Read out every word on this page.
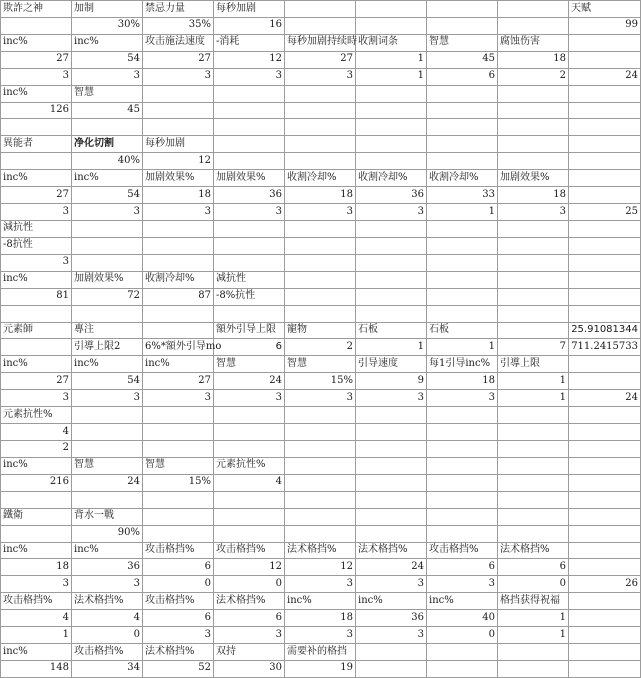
欺詐之神	加制	禁忌力量	每秒加剧					天赋
	30%	35%	16					99
inc%	inc%	攻击施法速度	-消耗	每秒加剧持续時	收割词条	智慧	腐蚀伤害	
27	54	27	12	27	1	45	18	
3	3	3	3	3	1	6	2	24
inc%	智慧							
126	45							

異能者	净化切割	每秒加剧						
	40%	12						
inc%	inc%	加剧效果%	加剧效果%	收割冷却%	收割冷却%	收割冷却%	加剧效果%	
27	54	18	36	18	36	33	18	
3	3	3	3	3	3	1	3	25
減抗性								
-8抗性								
3								
inc%	加剧效果%	收割冷却%	减抗性					
81	72	87	-8%抗性					

元素師	專注		額外引导上限	寵物	石板	石板		25.91081344
	引導上限2	6%*額外引导mo	6	2	1	1	7	711.2415733
inc%	inc%	inc%	智慧	智慧	引导速度	每1引导inc%	引導上限	
27	54	27	24	15%	9	18	1	
3	3	3	3	3	3	3	1	24
元素抗性%								
4								
2								
inc%	智慧	智慧	元素抗性%					
216	24	15%	4					

鐵衛	背水一戰							
	90%							
inc%	inc%	攻击格挡%	攻击格挡%	法术格挡%	法术格挡%	攻击格挡%	法术格挡%	
18	36	6	12	12	24	6	6	
3	3	0	0	3	3	3	0	26
攻击格挡%	法术格挡%	攻击格挡%	法术格挡%	inc%	inc%	inc%	格挡获得祝福	
4	4	6	6	18	36	40	1	
1	0	3	3	3	3	0	1	
inc%	攻击格挡%	法术格挡%	双持	需要补的格挡				
148	34	52	30	19				
